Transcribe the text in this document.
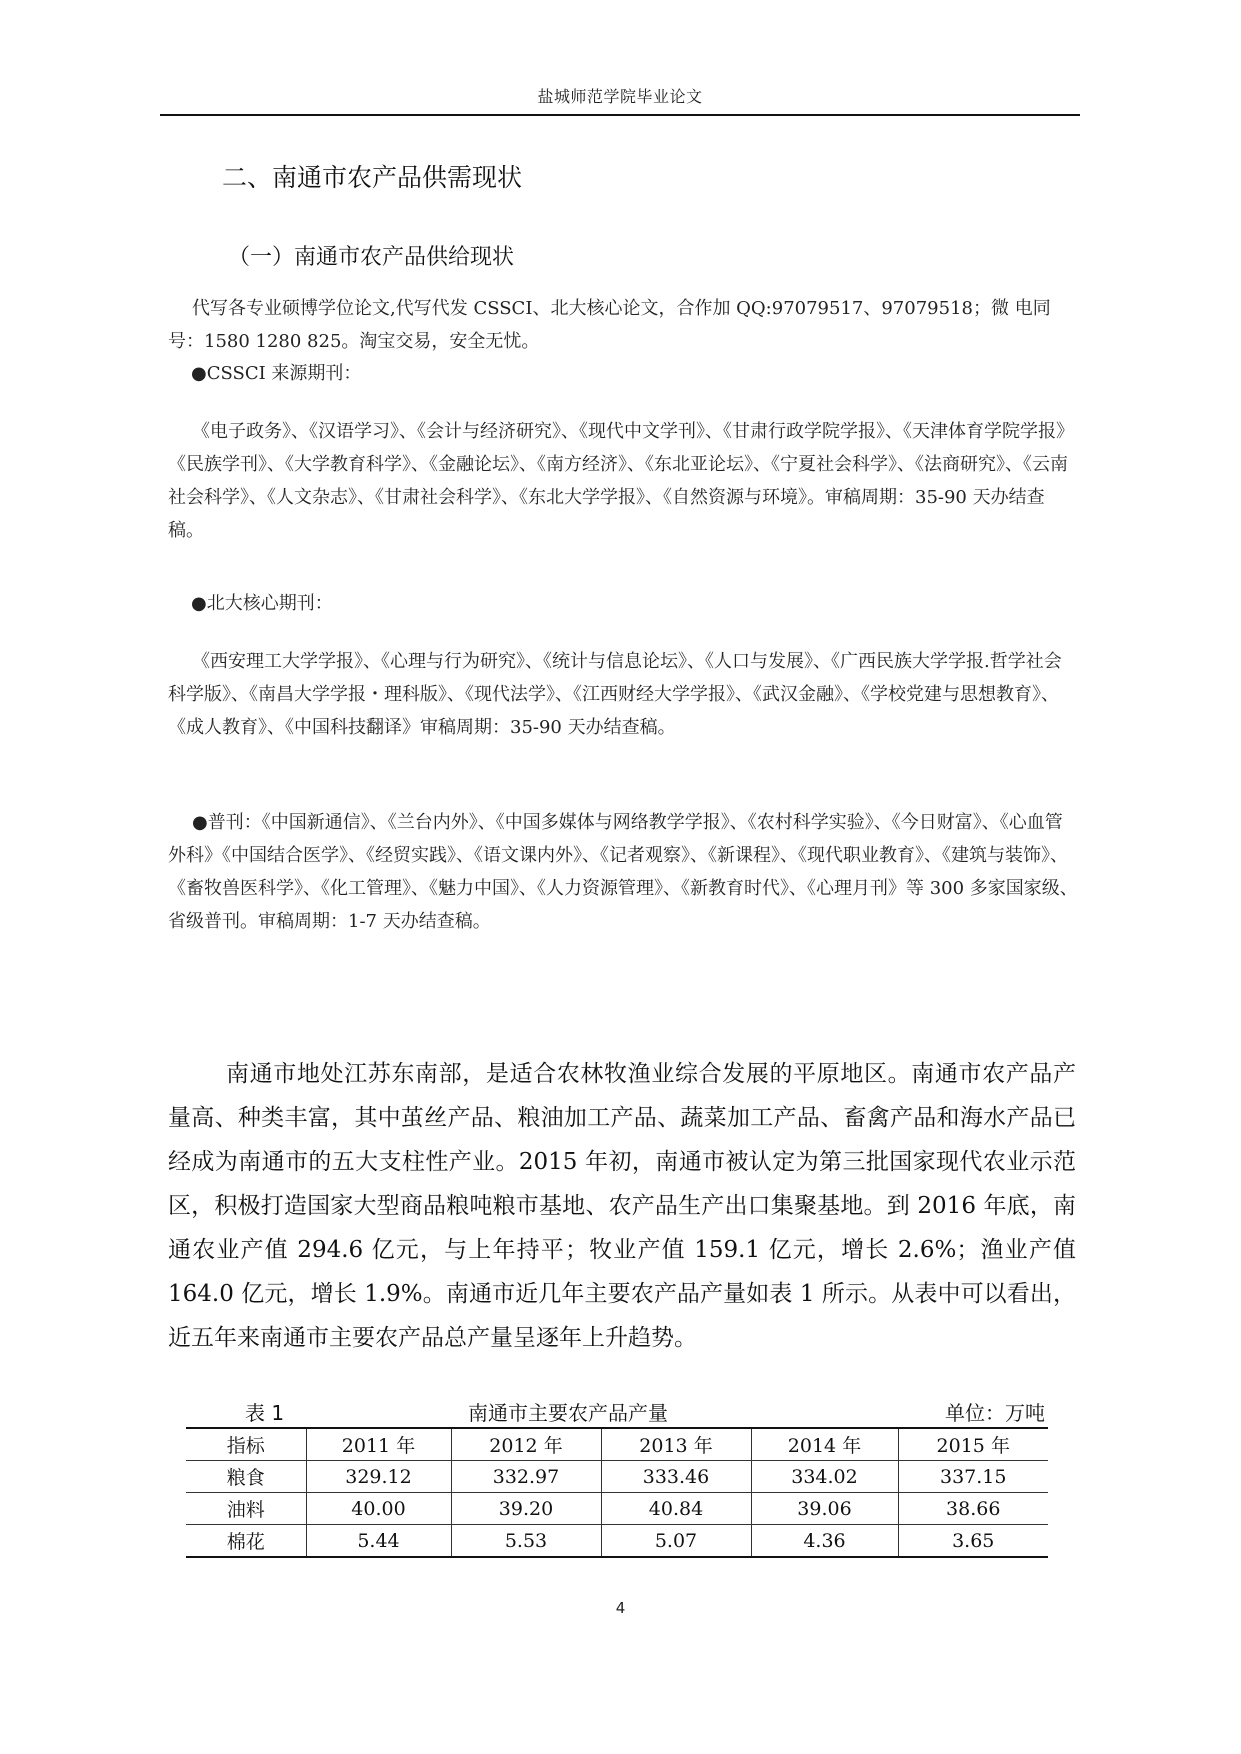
盐城师范学院毕业论文
二、南通市农产品供需现状
（一）南通市农产品供给现状
代写各专业硕博学位论文,代写代发 CSSCI、北大核心论文，合作加 QQ:97079517、97079518；微 电同号：1580 1280 825。淘宝交易，安全无忧。
●CSSCI 来源期刊：
《电子政务》、《汉语学习》、《会计与经济研究》、《现代中文学刊》、《甘肃行政学院学报》、《天津体育学院学报》《民族学刊》、《大学教育科学》、《金融论坛》、《南方经济》、《东北亚论坛》、《宁夏社会科学》、《法商研究》、《云南社会科学》、《人文杂志》、《甘肃社会科学》、《东北大学学报》、《自然资源与环境》。审稿周期：35-90 天办结查稿。
●北大核心期刊：
《西安理工大学学报》、《心理与行为研究》、《统计与信息论坛》、《人口与发展》、《广西民族大学学报.哲学社会科学版》、《南昌大学学报・理科版》、《现代法学》、《江西财经大学学报》、《武汉金融》、《学校党建与思想教育》、《成人教育》、《中国科技翻译》审稿周期：35-90 天办结查稿。
●普刊：《中国新通信》、《兰台内外》、《中国多媒体与网络教学学报》、《农村科学实验》、《今日财富》、《心血管外科》《中国结合医学》、《经贸实践》、《语文课内外》、《记者观察》、《新课程》、《现代职业教育》、《建筑与装饰》、《畜牧兽医科学》、《化工管理》、《魅力中国》、《人力资源管理》、《新教育时代》、《心理月刊》等 300 多家国家级、省级普刊。审稿周期：1-7 天办结查稿。
南通市地处江苏东南部，是适合农林牧渔业综合发展的平原地区。南通市农产品产量高、种类丰富，其中茧丝产品、粮油加工产品、蔬菜加工产品、畜禽产品和海水产品已经成为南通市的五大支柱性产业。2015 年初，南通市被认定为第三批国家现代农业示范区，积极打造国家大型商品粮吨粮市基地、农产品生产出口集聚基地。到 2016 年底，南通农业产值 294.6 亿元，与上年持平；牧业产值 159.1 亿元，增长 2.6%；渔业产值 164.0 亿元，增长 1.9%。南通市近几年主要农产品产量如表 1 所示。从表中可以看出，近五年来南通市主要农产品总产量呈逐年上升趋势。
表 1	南通市主要农产品产量	单位：万吨
指标	2011 年	2012 年	2013 年	2014 年	2015 年
粮食	329.12	332.97	333.46	334.02	337.15
油料	40.00	39.20	40.84	39.06	38.66
棉花	5.44	5.53	5.07	4.36	3.65
4
